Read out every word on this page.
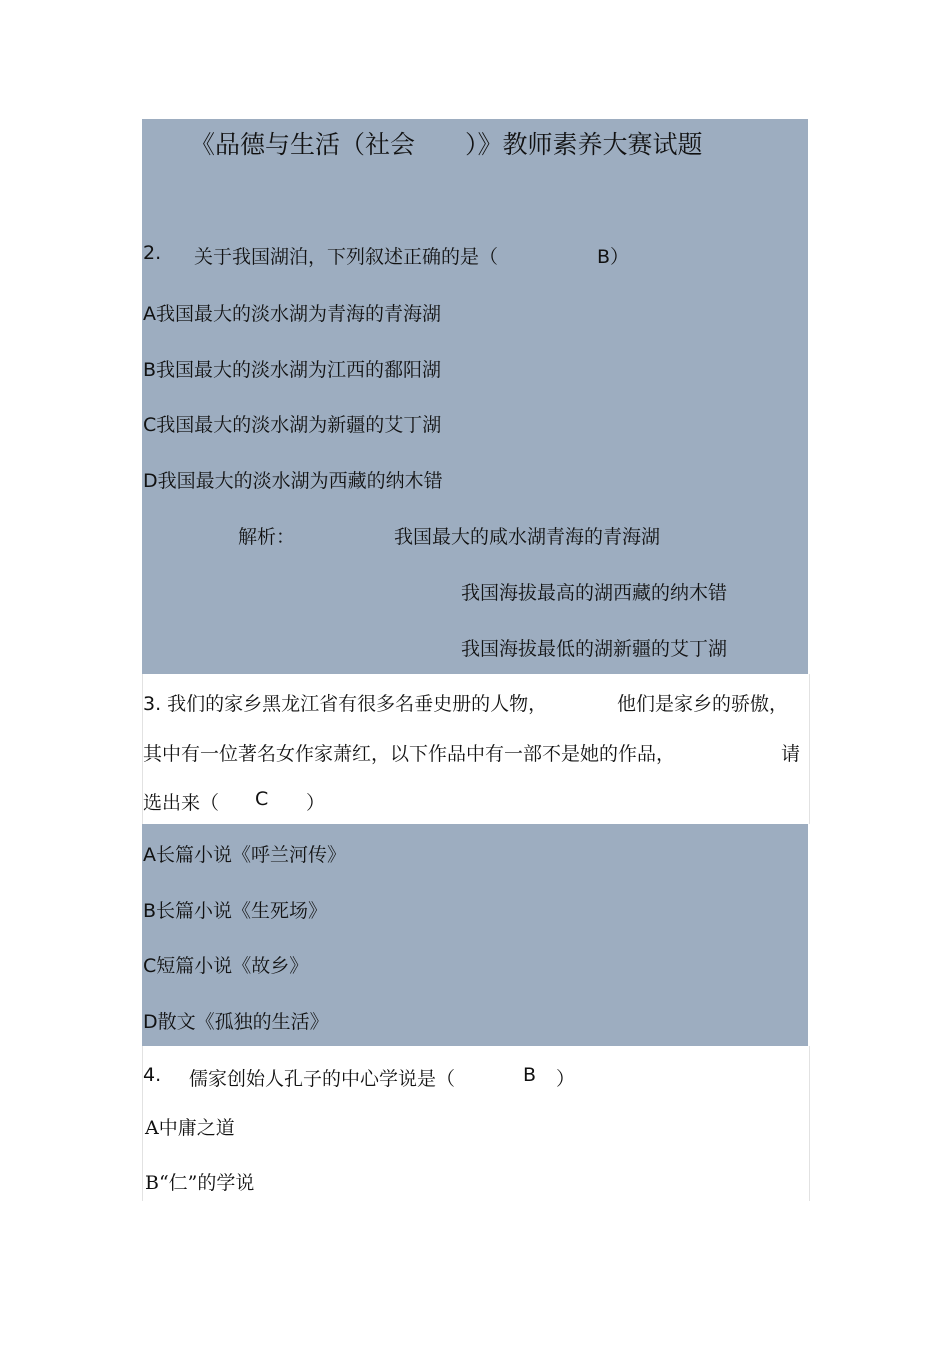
《品德与生活（社会　　）》教师素养大赛试题
2. 关于我国湖泊，下列叙述正确的是（	B）
A我国最大的淡水湖为青海的青海湖
B我国最大的淡水湖为江西的鄱阳湖
C我国最大的淡水湖为新疆的艾丁湖
D我国最大的淡水湖为西藏的纳木错
解析：	我国最大的咸水湖青海的青海湖
我国海拔最高的湖西藏的纳木错
我国海拔最低的湖新疆的艾丁湖
3. 我们的家乡黑龙江省有很多名垂史册的人物，	他们是家乡的骄傲，
其中有一位著名女作家萧红，以下作品中有一部不是她的作品，	请
选出来（ C ）
A长篇小说《呼兰河传》
B长篇小说《生死场》
C短篇小说《故乡》
D散文《孤独的生活》
4. 儒家创始人孔子的中心学说是（	B ）
A中庸之道
B“仁”的学说
